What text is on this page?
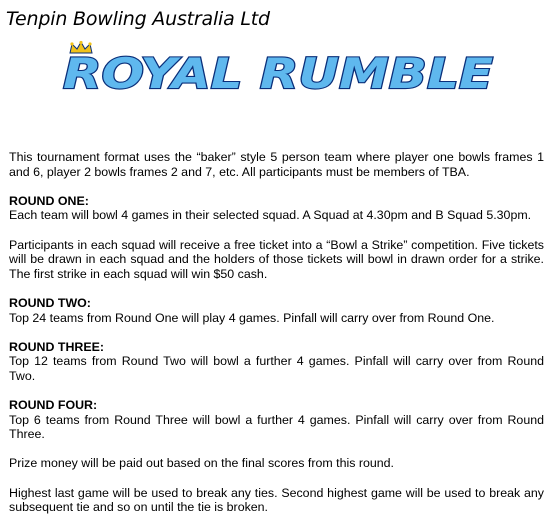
Tenpin Bowling Australia Ltd
ROYAL RUMBLE

This tournament format uses the “baker” style 5 person team where player one bowls frames 1 and 6, player 2 bowls frames 2 and 7, etc. All participants must be members of TBA.

ROUND ONE:
Each team will bowl 4 games in their selected squad. A Squad at 4.30pm and B Squad 5.30pm.

Participants in each squad will receive a free ticket into a “Bowl a Strike” competition. Five tickets will be drawn in each squad and the holders of those tickets will bowl in drawn order for a strike. The first strike in each squad will win $50 cash.

ROUND TWO:
Top 24 teams from Round One will play 4 games. Pinfall will carry over from Round One.

ROUND THREE:
Top 12 teams from Round Two will bowl a further 4 games. Pinfall will carry over from Round Two.

ROUND FOUR:
Top 6 teams from Round Three will bowl a further 4 games. Pinfall will carry over from Round Three.

Prize money will be paid out based on the final scores from this round.

Highest last game will be used to break any ties. Second highest game will be used to break any subsequent tie and so on until the tie is broken.
